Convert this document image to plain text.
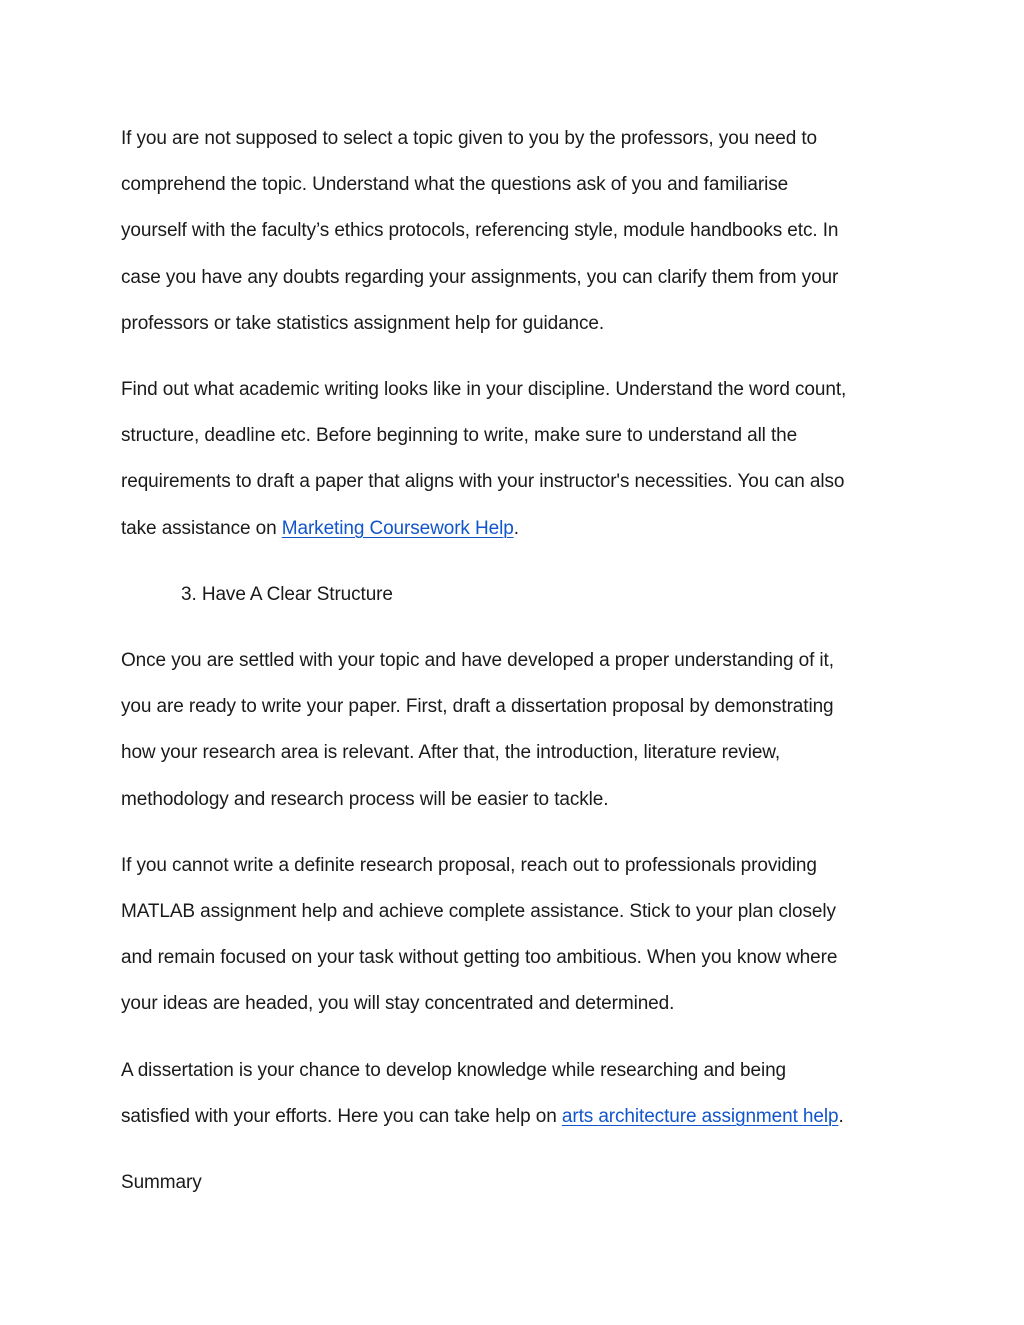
If you are not supposed to select a topic given to you by the professors, you need to
comprehend the topic. Understand what the questions ask of you and familiarise
yourself with the faculty’s ethics protocols, referencing style, module handbooks etc. In
case you have any doubts regarding your assignments, you can clarify them from your
professors or take statistics assignment help for guidance.

Find out what academic writing looks like in your discipline. Understand the word count,
structure, deadline etc. Before beginning to write, make sure to understand all the
requirements to draft a paper that aligns with your instructor's necessities. You can also
take assistance on Marketing Coursework Help.

3. Have A Clear Structure

Once you are settled with your topic and have developed a proper understanding of it,
you are ready to write your paper. First, draft a dissertation proposal by demonstrating
how your research area is relevant. After that, the introduction, literature review,
methodology and research process will be easier to tackle.

If you cannot write a definite research proposal, reach out to professionals providing
MATLAB assignment help and achieve complete assistance. Stick to your plan closely
and remain focused on your task without getting too ambitious. When you know where
your ideas are headed, you will stay concentrated and determined.

A dissertation is your chance to develop knowledge while researching and being
satisfied with your efforts. Here you can take help on arts architecture assignment help.

Summary
